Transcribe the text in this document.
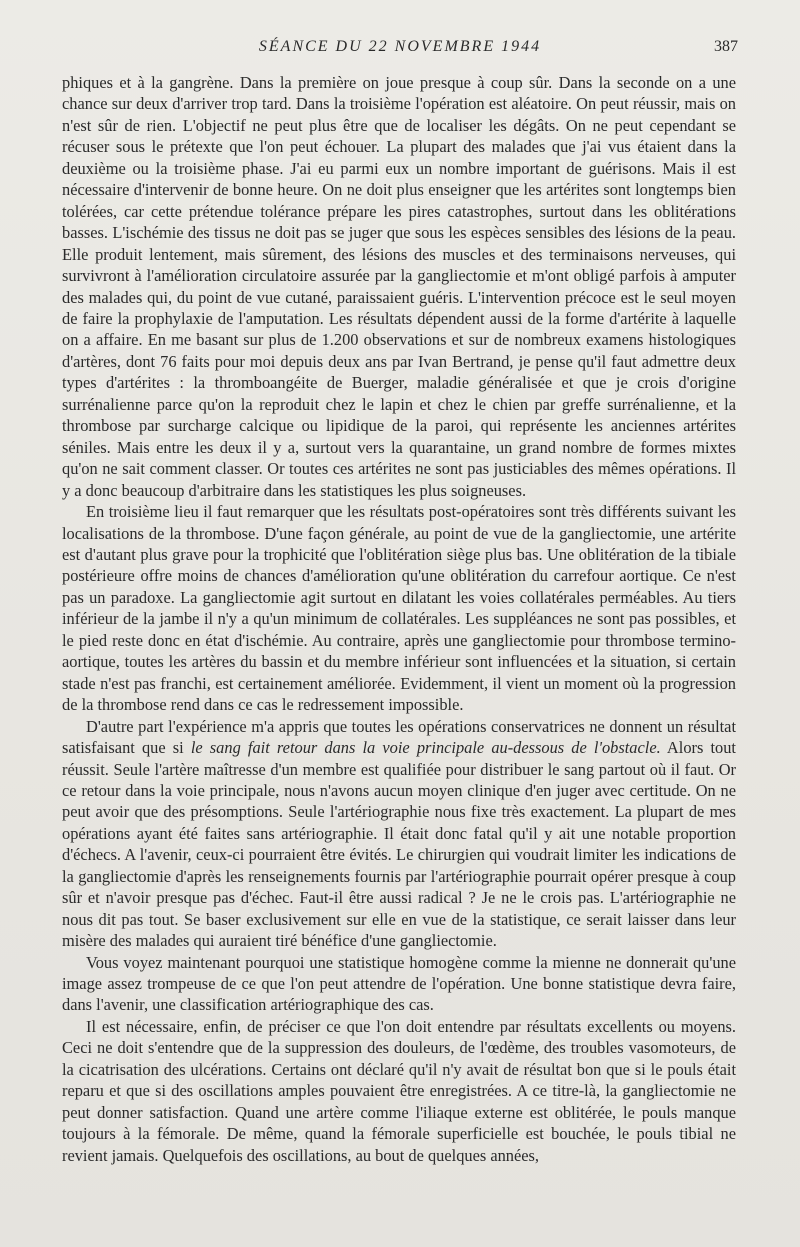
SÉANCE DU 22 NOVEMBRE 1944	387

phiques et à la gangrène. Dans la première on joue presque à coup sûr. Dans la seconde on a une chance sur deux d'arriver trop tard. Dans la troisième l'opération est aléatoire. On peut réussir, mais on n'est sûr de rien. L'objectif ne peut plus être que de localiser les dégâts. On ne peut cependant se récuser sous le prétexte que l'on peut échouer. La plupart des malades que j'ai vus étaient dans la deuxième ou la troisième phase. J'ai eu parmi eux un nombre important de guérisons. Mais il est nécessaire d'intervenir de bonne heure. On ne doit plus enseigner que les artérites sont longtemps bien tolérées, car cette prétendue tolérance prépare les pires catastrophes, surtout dans les oblitérations basses. L'ischémie des tissus ne doit pas se juger que sous les espèces sensibles des lésions de la peau. Elle produit lentement, mais sûrement, des lésions des muscles et des terminaisons nerveuses, qui survivront à l'amélioration circulatoire assurée par la gangliectomie et m'ont obligé parfois à amputer des malades qui, du point de vue cutané, paraissaient guéris. L'intervention précoce est le seul moyen de faire la prophylaxie de l'amputation. Les résultats dépendent aussi de la forme d'artérite à laquelle on a affaire. En me basant sur plus de 1.200 observations et sur de nombreux examens histologiques d'artères, dont 76 faits pour moi depuis deux ans par Ivan Bertrand, je pense qu'il faut admettre deux types d'artérites : la thromboangéite de Buerger, maladie généralisée et que je crois d'origine surrénalienne parce qu'on la reproduit chez le lapin et chez le chien par greffe surrénalienne, et la thrombose par surcharge calcique ou lipidique de la paroi, qui représente les anciennes artérites séniles. Mais entre les deux il y a, surtout vers la quarantaine, un grand nombre de formes mixtes qu'on ne sait comment classer. Or toutes ces artérites ne sont pas justiciables des mêmes opérations. Il y a donc beaucoup d'arbitraire dans les statistiques les plus soigneuses.

En troisième lieu il faut remarquer que les résultats post-opératoires sont très différents suivant les localisations de la thrombose. D'une façon générale, au point de vue de la gangliectomie, une artérite est d'autant plus grave pour la trophicité que l'oblitération siège plus bas. Une oblitération de la tibiale postérieure offre moins de chances d'amélioration qu'une oblitération du carrefour aortique. Ce n'est pas un paradoxe. La gangliectomie agit surtout en dilatant les voies collatérales perméables. Au tiers inférieur de la jambe il n'y a qu'un minimum de collatérales. Les suppléances ne sont pas possibles, et le pied reste donc en état d'ischémie. Au contraire, après une gangliectomie pour thrombose termino-aortique, toutes les artères du bassin et du membre inférieur sont influencées et la situation, si certain stade n'est pas franchi, est certainement améliorée. Evidemment, il vient un moment où la progression de la thrombose rend dans ce cas le redressement impossible.

D'autre part l'expérience m'a appris que toutes les opérations conservatrices ne donnent un résultat satisfaisant que si le sang fait retour dans la voie principale au-dessous de l'obstacle. Alors tout réussit. Seule l'artère maîtresse d'un membre est qualifiée pour distribuer le sang partout où il faut. Or ce retour dans la voie principale, nous n'avons aucun moyen clinique d'en juger avec certitude. On ne peut avoir que des présomptions. Seule l'artériographie nous fixe très exactement. La plupart de mes opérations ayant été faites sans artériographie. Il était donc fatal qu'il y ait une notable proportion d'échecs. A l'avenir, ceux-ci pourraient être évités. Le chirurgien qui voudrait limiter les indications de la gangliectomie d'après les renseignements fournis par l'artériographie pourrait opérer presque à coup sûr et n'avoir presque pas d'échec. Faut-il être aussi radical ? Je ne le crois pas. L'artériographie ne nous dit pas tout. Se baser exclusivement sur elle en vue de la statistique, ce serait laisser dans leur misère des malades qui auraient tiré bénéfice d'une gangliectomie.

Vous voyez maintenant pourquoi une statistique homogène comme la mienne ne donnerait qu'une image assez trompeuse de ce que l'on peut attendre de l'opération. Une bonne statistique devra faire, dans l'avenir, une classification artériographique des cas.

Il est nécessaire, enfin, de préciser ce que l'on doit entendre par résultats excellents ou moyens. Ceci ne doit s'entendre que de la suppression des douleurs, de l'œdème, des troubles vasomoteurs, de la cicatrisation des ulcérations. Certains ont déclaré qu'il n'y avait de résultat bon que si le pouls était reparu et que si des oscillations amples pouvaient être enregistrées. A ce titre-là, la gangliectomie ne peut donner satisfaction. Quand une artère comme l'iliaque externe est oblitérée, le pouls manque toujours à la fémorale. De même, quand la fémorale superficielle est bouchée, le pouls tibial ne revient jamais. Quelquefois des oscillations, au bout de quelques années,
